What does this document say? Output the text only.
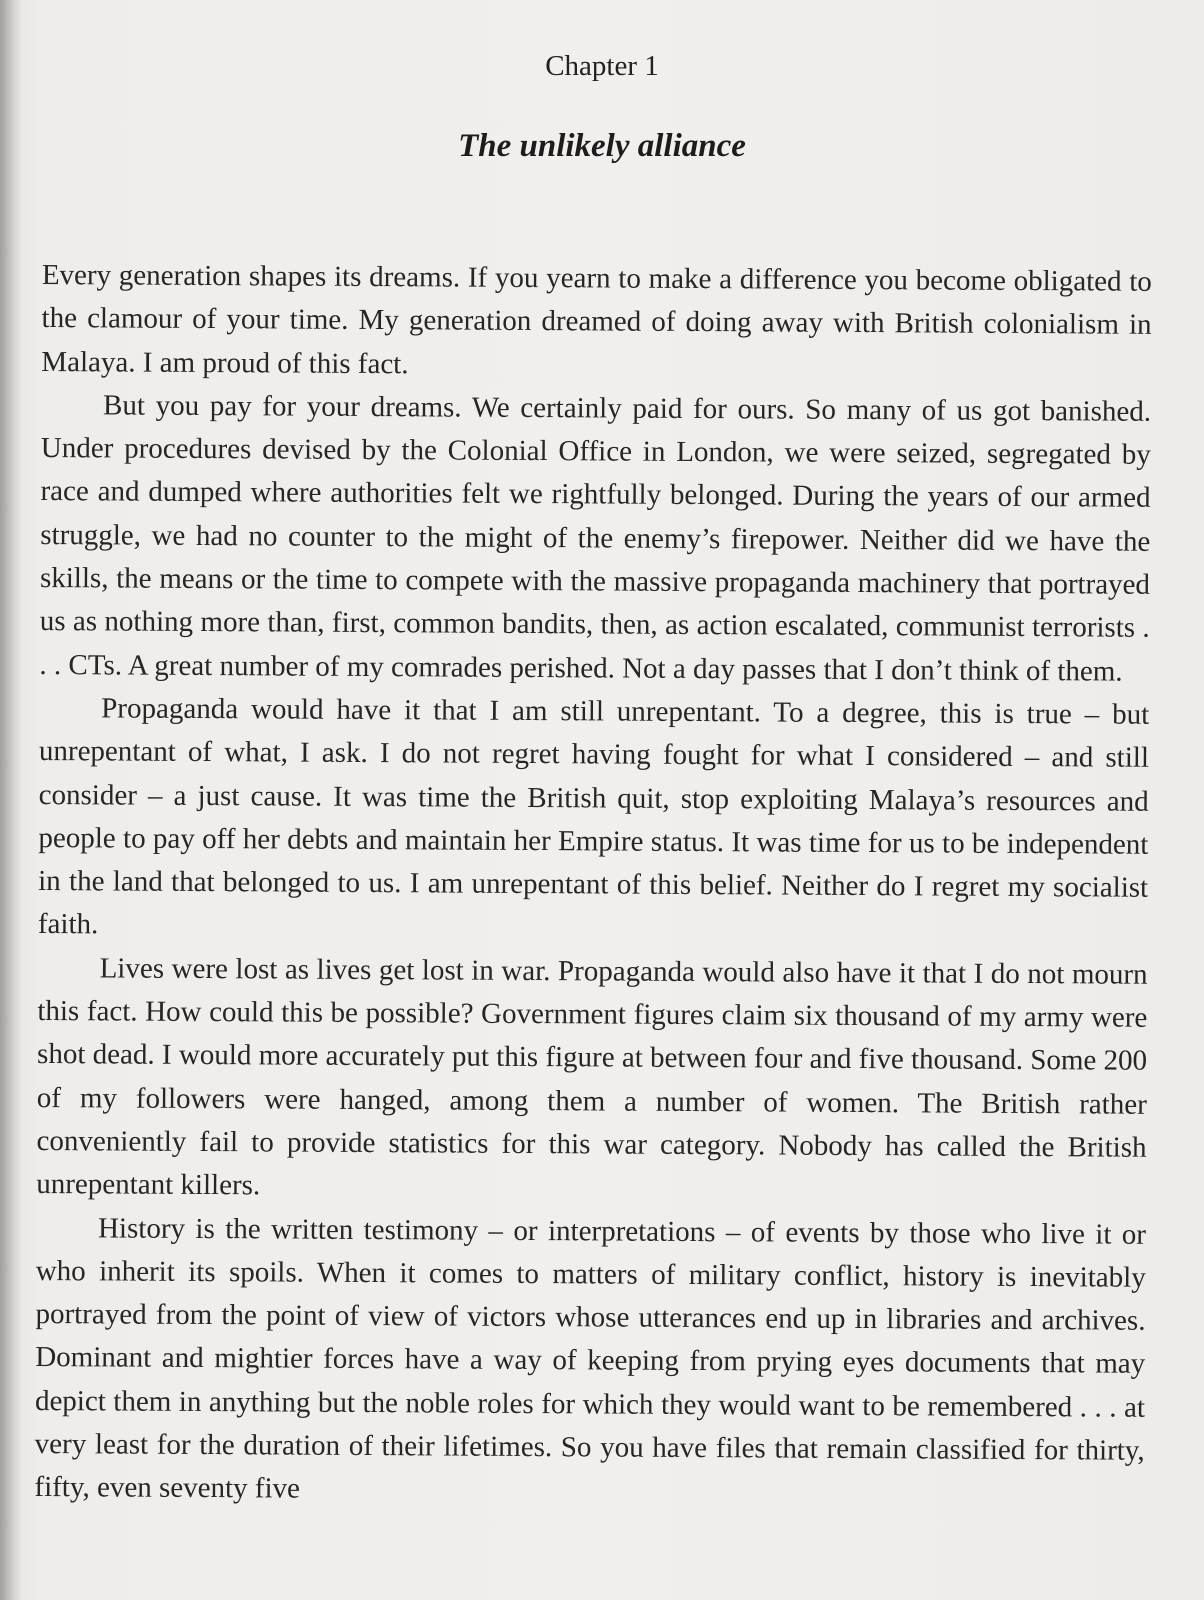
Chapter 1
The unlikely alliance

Every generation shapes its dreams. If you yearn to make a difference you become obligated to the clamour of your time. My generation dreamed of doing away with British colonialism in Malaya. I am proud of this fact.

But you pay for your dreams. We certainly paid for ours. So many of us got banished. Under procedures devised by the Colonial Office in London, we were seized, segregated by race and dumped where authorities felt we rightfully belonged. During the years of our armed struggle, we had no counter to the might of the enemy’s firepower. Neither did we have the skills, the means or the time to compete with the massive propaganda machinery that portrayed us as nothing more than, first, common bandits, then, as action escalated, communist terrorists . . . CTs. A great number of my comrades perished. Not a day passes that I don’t think of them.

Propaganda would have it that I am still unrepentant. To a degree, this is true – but unrepentant of what, I ask. I do not regret having fought for what I considered – and still consider – a just cause. It was time the British quit, stop exploiting Malaya’s resources and people to pay off her debts and maintain her Empire status. It was time for us to be independent in the land that belonged to us. I am unrepentant of this belief. Neither do I regret my socialist faith.

Lives were lost as lives get lost in war. Propaganda would also have it that I do not mourn this fact. How could this be possible? Government figures claim six thousand of my army were shot dead. I would more accurately put this figure at between four and five thousand. Some 200 of my followers were hanged, among them a number of women. The British rather conveniently fail to provide statistics for this war category. Nobody has called the British unrepentant killers.

History is the written testimony – or interpretations – of events by those who live it or who inherit its spoils. When it comes to matters of military conflict, history is inevitably portrayed from the point of view of victors whose utterances end up in libraries and archives. Dominant and mightier forces have a way of keeping from prying eyes documents that may depict them in anything but the noble roles for which they would want to be remembered . . . at very least for the duration of their lifetimes. So you have files that remain classified for thirty, fifty, even seventy five
